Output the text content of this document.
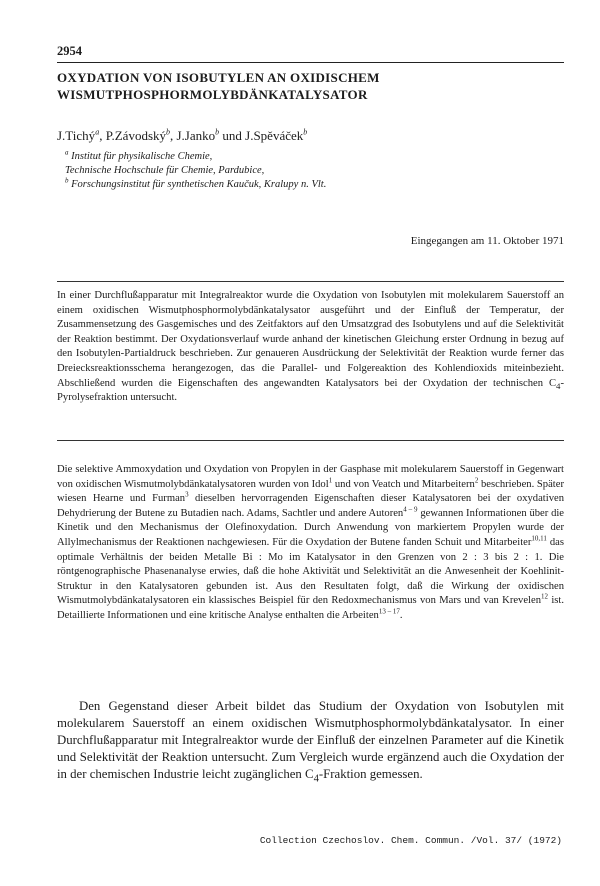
2954
OXYDATION VON ISOBUTYLEN AN OXIDISCHEM
WISMUTPHOSPHORMOLYBDÄNKATALYSATOR
J.Tichý$^a$, P.Závodský$^b$, J.Janko$^b$ und J.Spěváček$^b$
$^a$ Institut für physikalische Chemie,
Technische Hochschule für Chemie, Pardubice,
$^b$ Forschungsinstitut für synthetischen Kaučuk, Kralupy n. Vlt.
Eingegangen am 11. Oktober 1971

In einer Durchflußapparatur mit Integralreaktor wurde die Oxydation von Isobutylen mit molekularem Sauerstoff an einem oxidischen Wismutphosphormolybdänkatalysator ausgeführt und der Einfluß der Temperatur, der Zusammensetzung des Gasgemisches und des Zeitfaktors auf den Umsatzgrad des Isobutylens und auf die Selektivität der Reaktion bestimmt. Der Oxydationsverlauf wurde anhand der kinetischen Gleichung erster Ordnung in bezug auf den Isobutylen-Partialdruck beschrieben. Zur genaueren Ausdrückung der Selektivität der Reaktion wurde ferner das Dreiecksreaktionsschema herangezogen, das die Parallel- und Folgereaktion des Kohlendioxids miteinbezieht. Abschließend wurden die Eigenschaften des angewandten Katalysators bei der Oxydation der technischen $C_4$-Pyrolysefraktion untersucht.

Die selektive Ammoxydation und Oxydation von Propylen in der Gasphase mit molekularem Sauerstoff in Gegenwart von oxidischen Wismutmolybdänkatalysatoren wurden von Idol$^1$ und von Veatch und Mitarbeitern$^2$ beschrieben. Später wiesen Hearne und Furman$^3$ dieselben hervorragenden Eigenschaften dieser Katalysatoren bei der oxydativen Dehydrierung der Butene zu Butadien nach. Adams, Sachtler und andere Autoren$^{4 - 9}$ gewannen Informationen über die Kinetik und den Mechanismus der Olefinoxydation. Durch Anwendung von markiertem Propylen wurde der Allylmechanismus der Reaktionen nachgewiesen. Für die Oxydation der Butene fanden Schuit und Mitarbeiter$^{10,11}$ das optimale Verhältnis der beiden Metalle Bi : Mo im Katalysator in den Grenzen von 2 : 3 bis 2 : 1. Die röntgenographische Phasenanalyse erwies, daß die hohe Aktivität und Selektivität an die Anwesenheit der Koehlinit-Struktur in den Katalysatoren gebunden ist. Aus den Resultaten folgt, daß die Wirkung der oxidischen Wismutmolybdänkatalysatoren ein klassisches Beispiel für den Redoxmechanismus von Mars und van Krevelen$^{12}$ ist. Detaillierte Informationen und eine kritische Analyse enthalten die Arbeiten$^{13 - 17}$.

Den Gegenstand dieser Arbeit bildet das Studium der Oxydation von Isobutylen mit molekularem Sauerstoff an einem oxidischen Wismutphosphormolybdänkatalysator. In einer Durchflußapparatur mit Integralreaktor wurde der Einfluß der einzelnen Parameter auf die Kinetik und Selektivität der Reaktion untersucht. Zum Vergleich wurde ergänzend auch die Oxydation der in der chemischen Industrie leicht zugänglichen $C_4$-Fraktion gemessen.

Collection Czechoslov. Chem. Commun. /Vol. 37/ (1972)
